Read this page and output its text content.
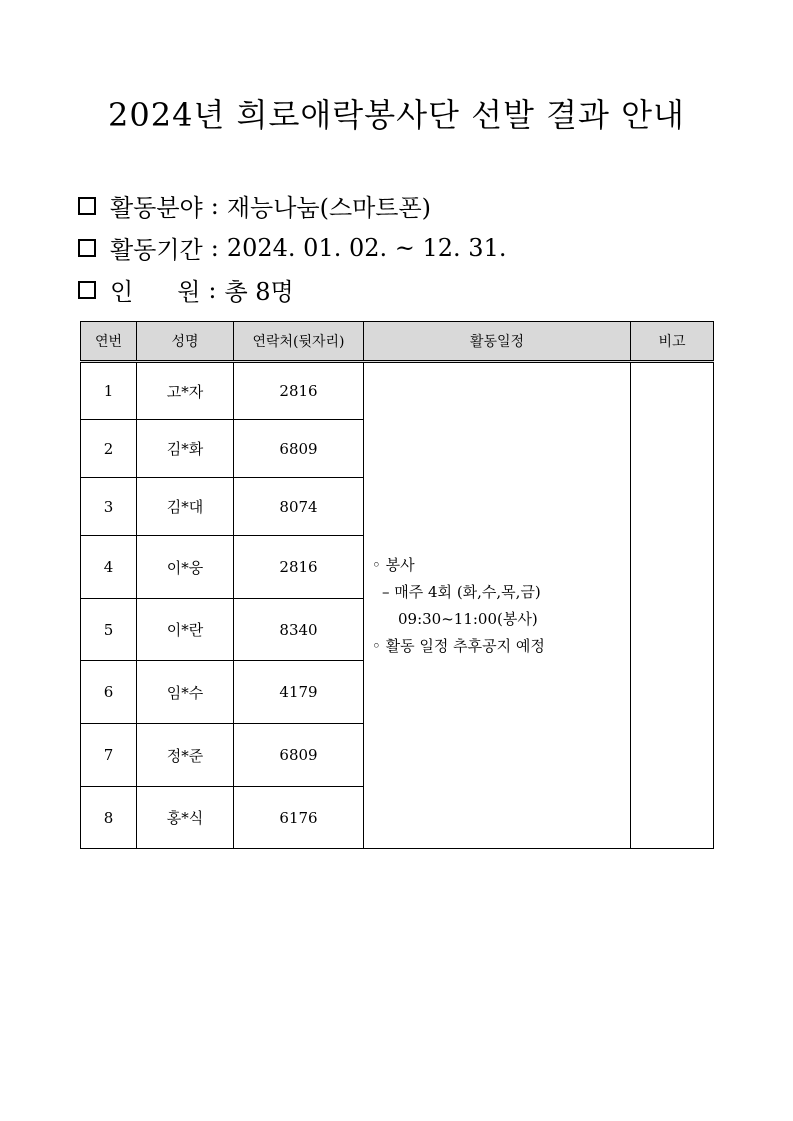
2024년 희로애락봉사단 선발 결과 안내
활동분야 : 재능나눔(스마트폰)
활동기간 : 2024. 01. 02. ~ 12. 31.
인 원 : 총 8명
연번	성명	연락처(뒷자리)	활동일정	비고
1	고*자	2816	◦ 봉사
– 매주 4회 (화,수,목,금)
09:30~11:00(봉사)
◦ 활동 일정 추후공지 예정	

2	김*화	6809		
3	김*대	8074		
4	이*웅	2816		
5	이*란	8340		
6	임*수	4179		
7	정*준	6809		
8	홍*식	6176		
